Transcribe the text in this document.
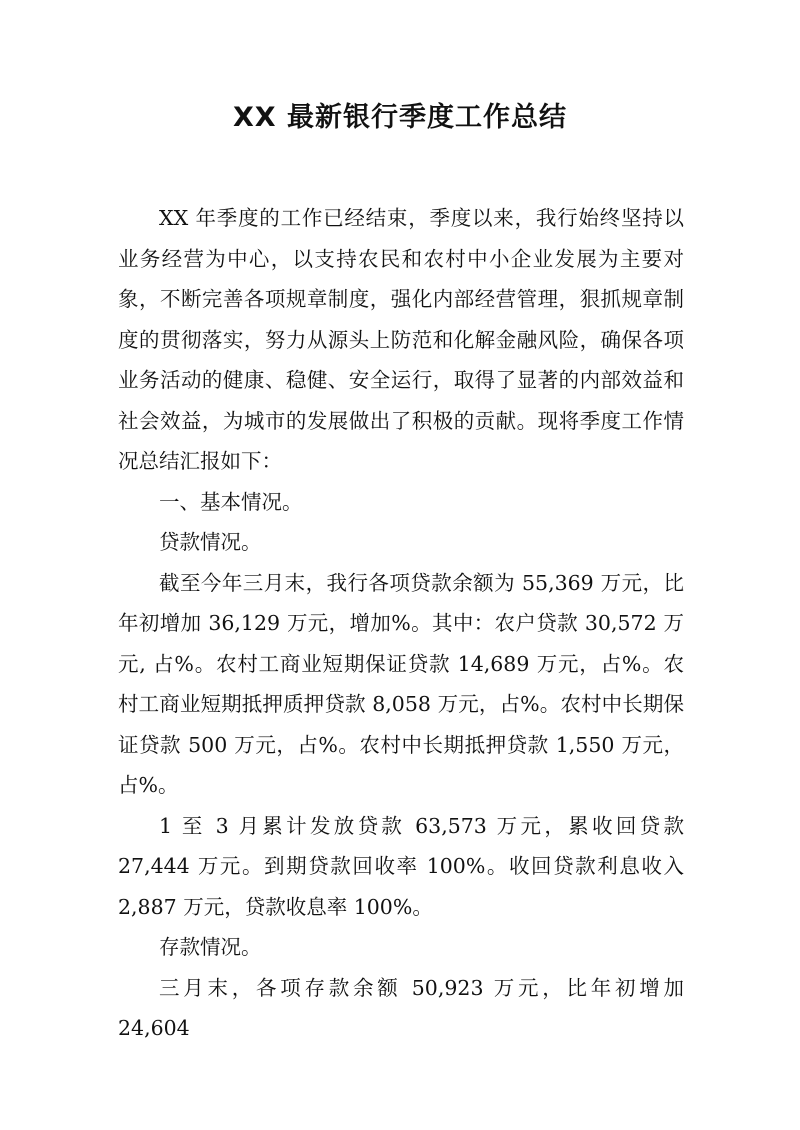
XX 最新银行季度工作总结

XX 年季度的工作已经结束，季度以来，我行始终坚持以业务经营为中心，以支持农民和农村中小企业发展为主要对象，不断完善各项规章制度，强化内部经营管理，狠抓规章制度的贯彻落实，努力从源头上防范和化解金融风险，确保各项业务活动的健康、稳健、安全运行，取得了显著的内部效益和社会效益，为城市的发展做出了积极的贡献。现将季度工作情况总结汇报如下：

一、基本情况。

贷款情况。

截至今年三月末，我行各项贷款余额为 55,369 万元，比年初增加 36,129 万元，增加%。其中：农户贷款 30,572 万元, 占%。农村工商业短期保证贷款 14,689 万元，占%。农村工商业短期抵押质押贷款 8,058 万元，占%。农村中长期保证贷款 500 万元，占%。农村中长期抵押贷款 1,550 万元，占%。

1 至 3 月累计发放贷款 63,573 万元，累收回贷款 27,444 万元。到期贷款回收率 100%。收回贷款利息收入 2,887 万元，贷款收息率 100%。

存款情况。

三月末，各项存款余额 50,923 万元，比年初增加 24,604
